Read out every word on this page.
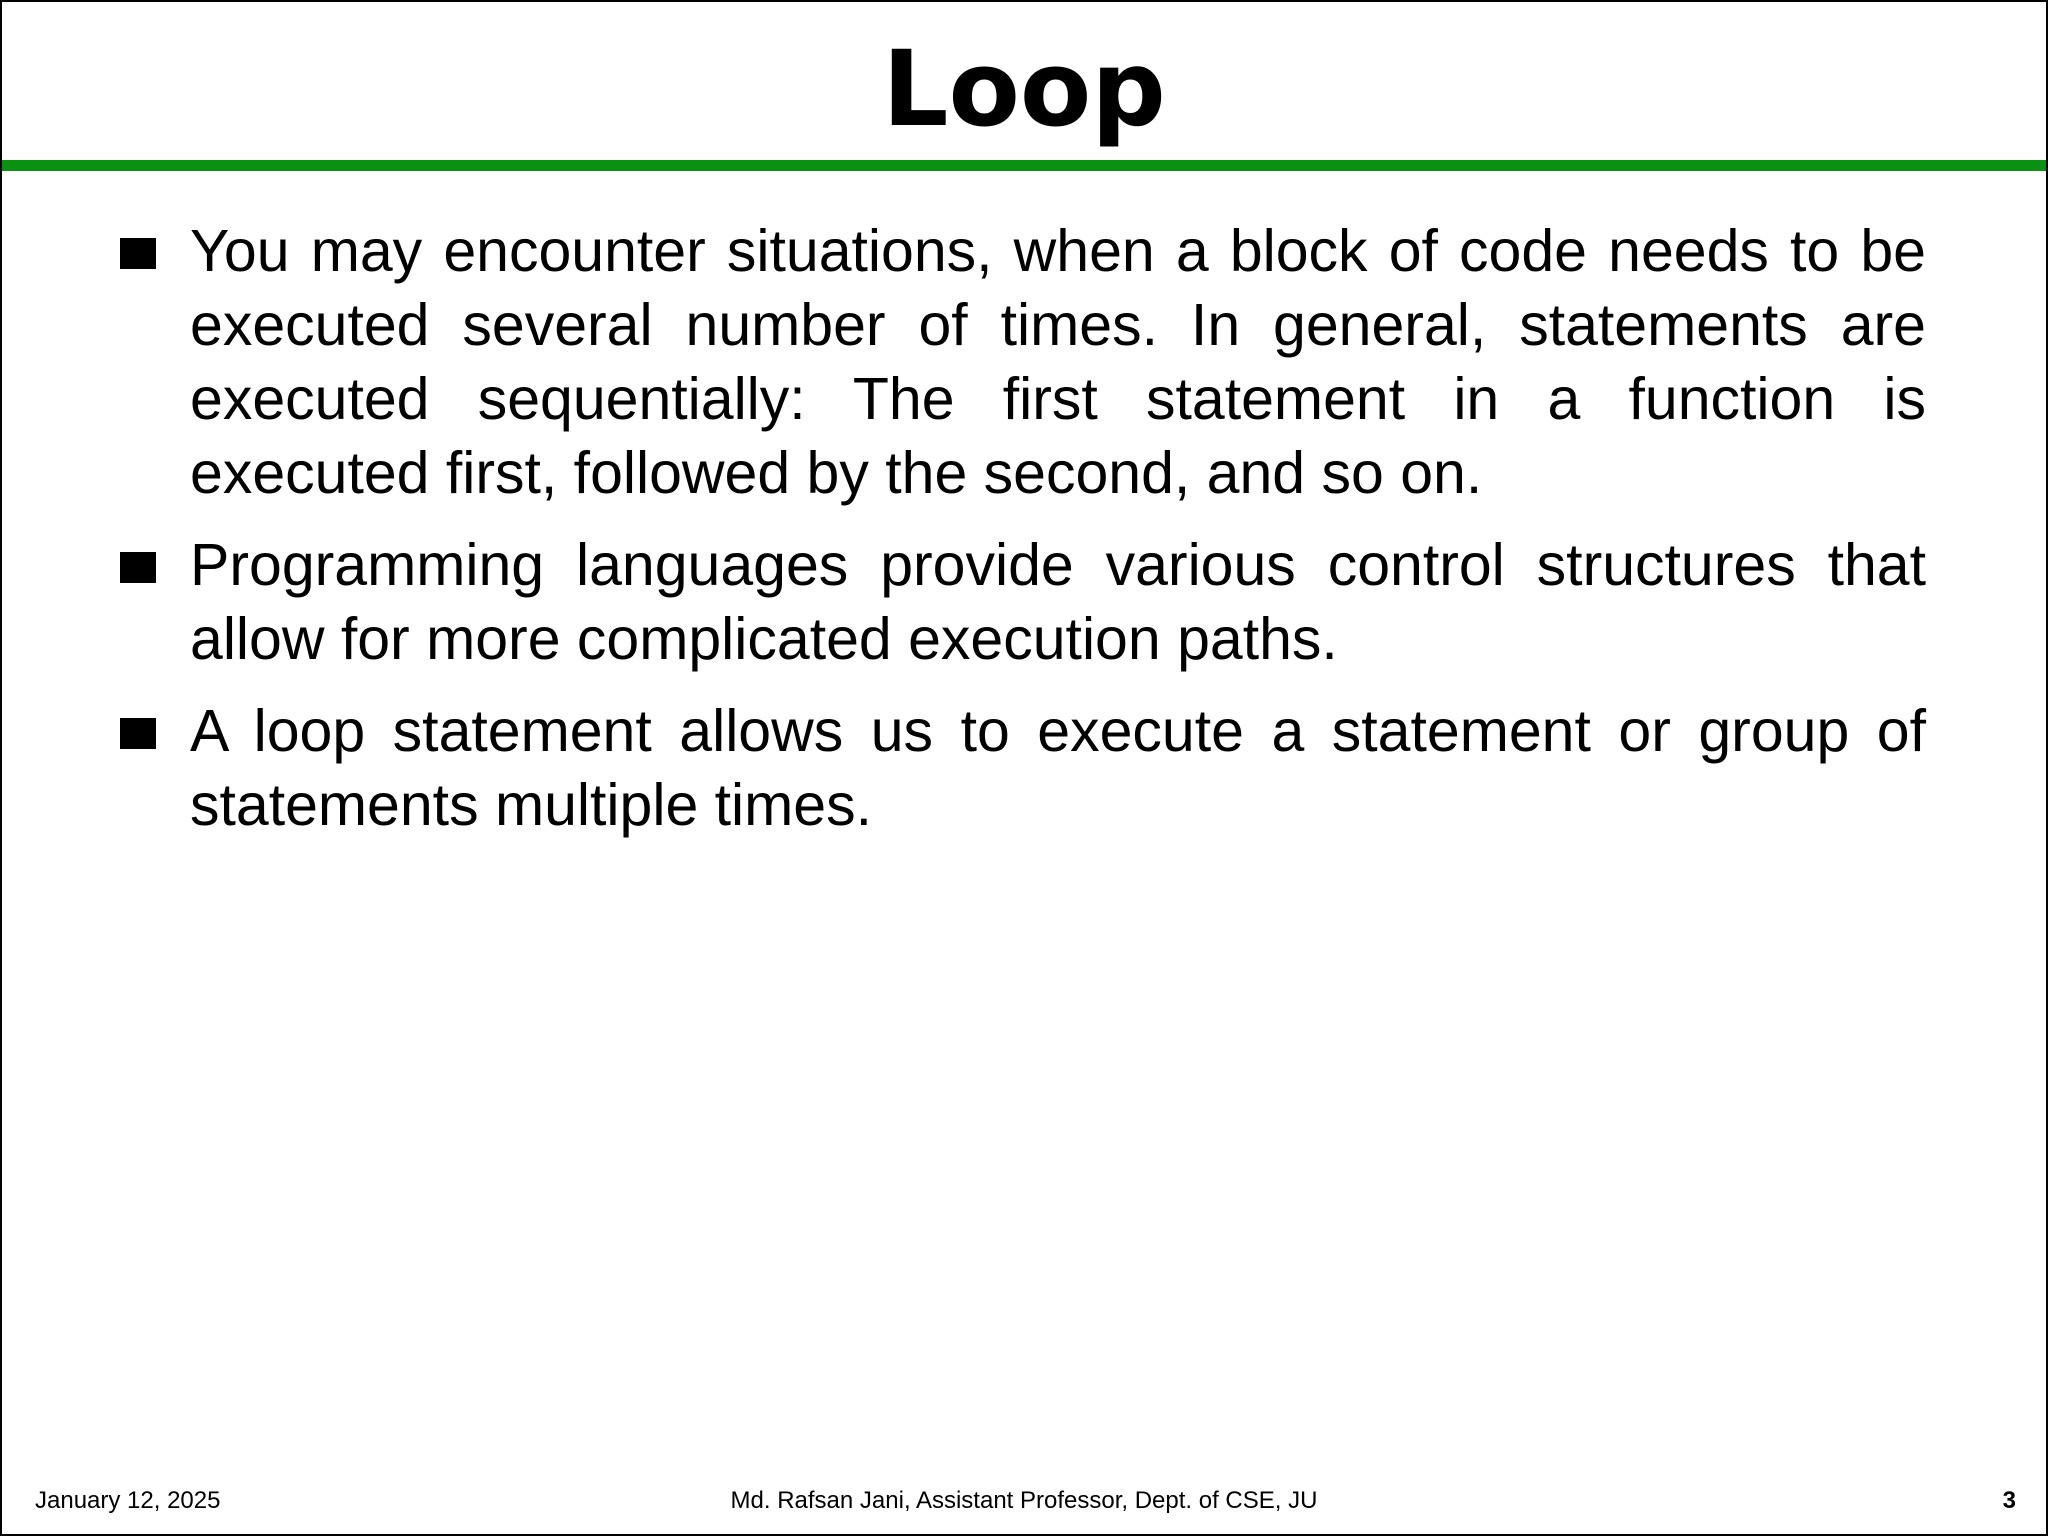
Loop
You may encounter situations, when a block of code needs to be executed several number of times. In general, statements are executed sequentially: The first statement in a function is executed first, followed by the second, and so on.
Programming languages provide various control structures that allow for more complicated execution paths.
A loop statement allows us to execute a statement or group of statements multiple times.
January 12, 2025	Md. Rafsan Jani, Assistant Professor, Dept. of CSE, JU	3
